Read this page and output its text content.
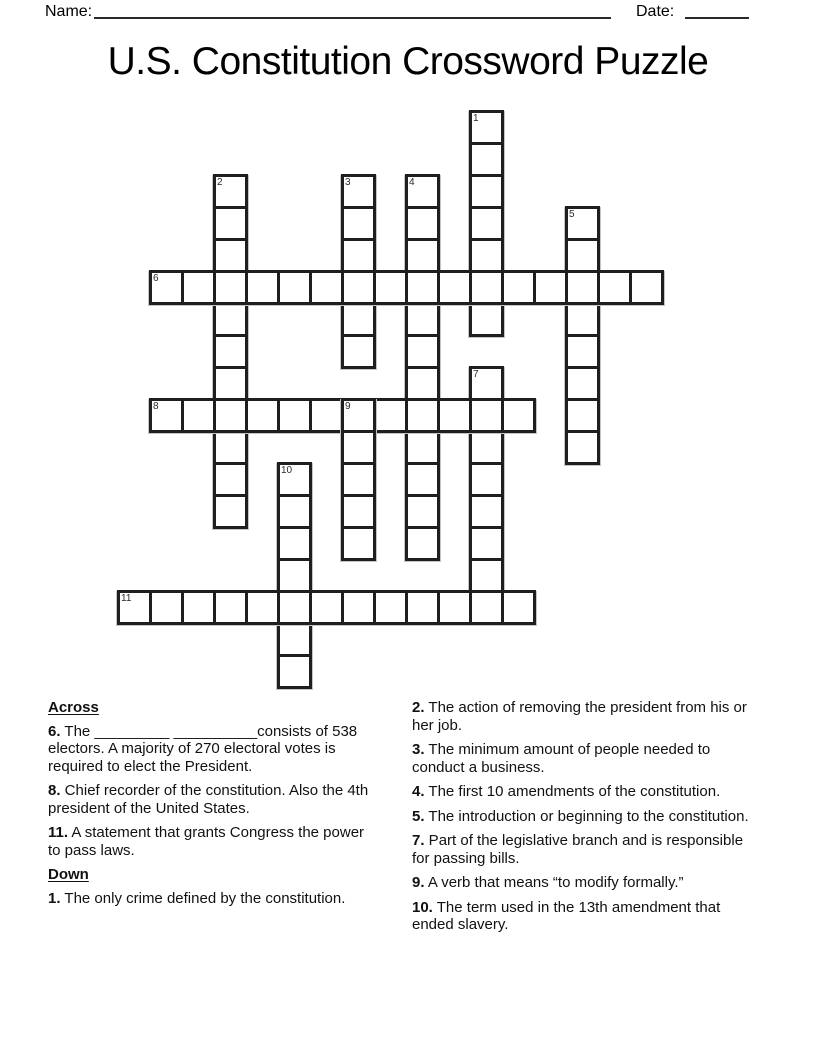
Name:	Date:
U.S. Constitution Crossword Puzzle
1
2	3	4
5
6
7
8	9
10
11
Across
6. The _________ __________consists of 538 electors. A majority of 270 electoral votes is required to elect the President.
8. Chief recorder of the constitution. Also the 4th president of the United States.
11. A statement that grants Congress the power to pass laws.
Down
1. The only crime defined by the constitution.
2. The action of removing the president from his or her job.
3. The minimum amount of people needed to conduct a business.
4. The first 10 amendments of the constitution.
5. The introduction or beginning to the constitution.
7. Part of the legislative branch and is responsible for passing bills.
9. A verb that means “to modify formally.”
10. The term used in the 13th amendment that ended slavery.
